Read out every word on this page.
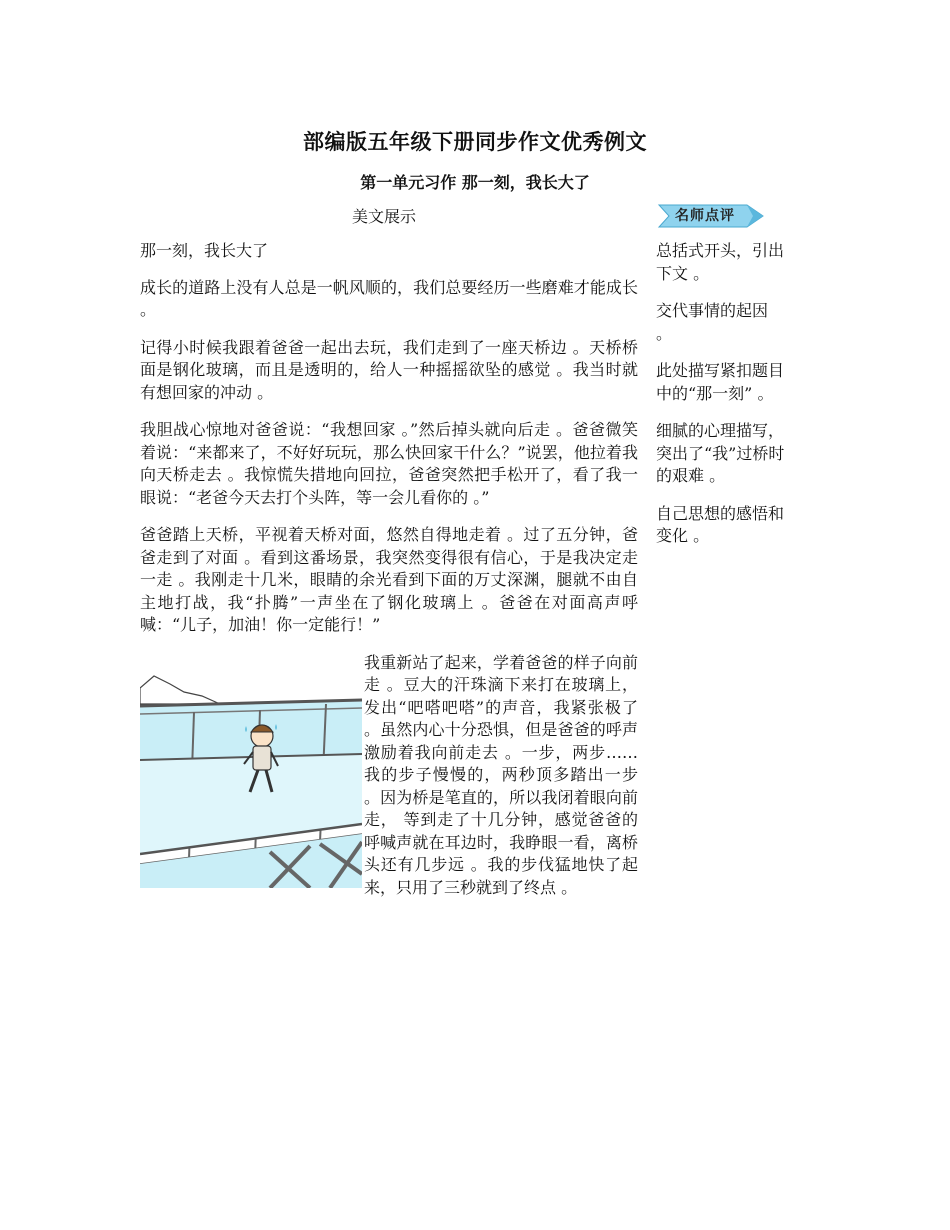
部编版五年级下册同步作文优秀例文
第一单元习作 那一刻，我长大了
美文展示	名师点评

那一刻，我长大了

成长的道路上没有人总是一帆风顺的，我们总要经历一些磨难才能成长 。

记得小时候我跟着爸爸一起出去玩，我们走到了一座天桥边 。天桥桥面是钢化玻璃，而且是透明的，给人一种摇摇欲坠的感觉 。我当时就有想回家的冲动 。

我胆战心惊地对爸爸说：“我想回家 。”然后掉头就向后走 。爸爸微笑着说：“来都来了，不好好玩玩，那么快回家干什么？”说罢，他拉着我向天桥走去 。我惊慌失措地向回拉，爸爸突然把手松开了，看了我一眼说：“老爸今天去打个头阵，等一会儿看你的 。”

爸爸踏上天桥，平视着天桥对面，悠然自得地走着 。过了五分钟，爸爸走到了对面 。看到这番场景，我突然变得很有信心，于是我决定走一走 。我刚走十几米，眼睛的余光看到下面的万丈深渊，腿就不由自主地打战，我“扑腾”一声坐在了钢化玻璃上 。爸爸在对面高声呼喊：“儿子，加油！你一定能行！”

我重新站了起来，学着爸爸的样子向前走 。豆大的汗珠滴下来打在玻璃上，发出“吧嗒吧嗒”的声音，我紧张极了 。虽然内心十分恐惧，但是爸爸的呼声激励着我向前走去 。一步，两步……我的步子慢慢的，两秒顶多踏出一步 。因为桥是笔直的，所以我闭着眼向前走， 等到走了十几分钟，感觉爸爸的呼喊声就在耳边时，我睁眼一看，离桥头还有几步远 。我的步伐猛地快了起来，只用了三秒就到了终点 。

总括式开头，引出下文 。

交代事情的起因 。

此处描写紧扣题目中的“那一刻” 。

细腻的心理描写，突出了“我”过桥时的艰难 。

自己思想的感悟和变化 。
